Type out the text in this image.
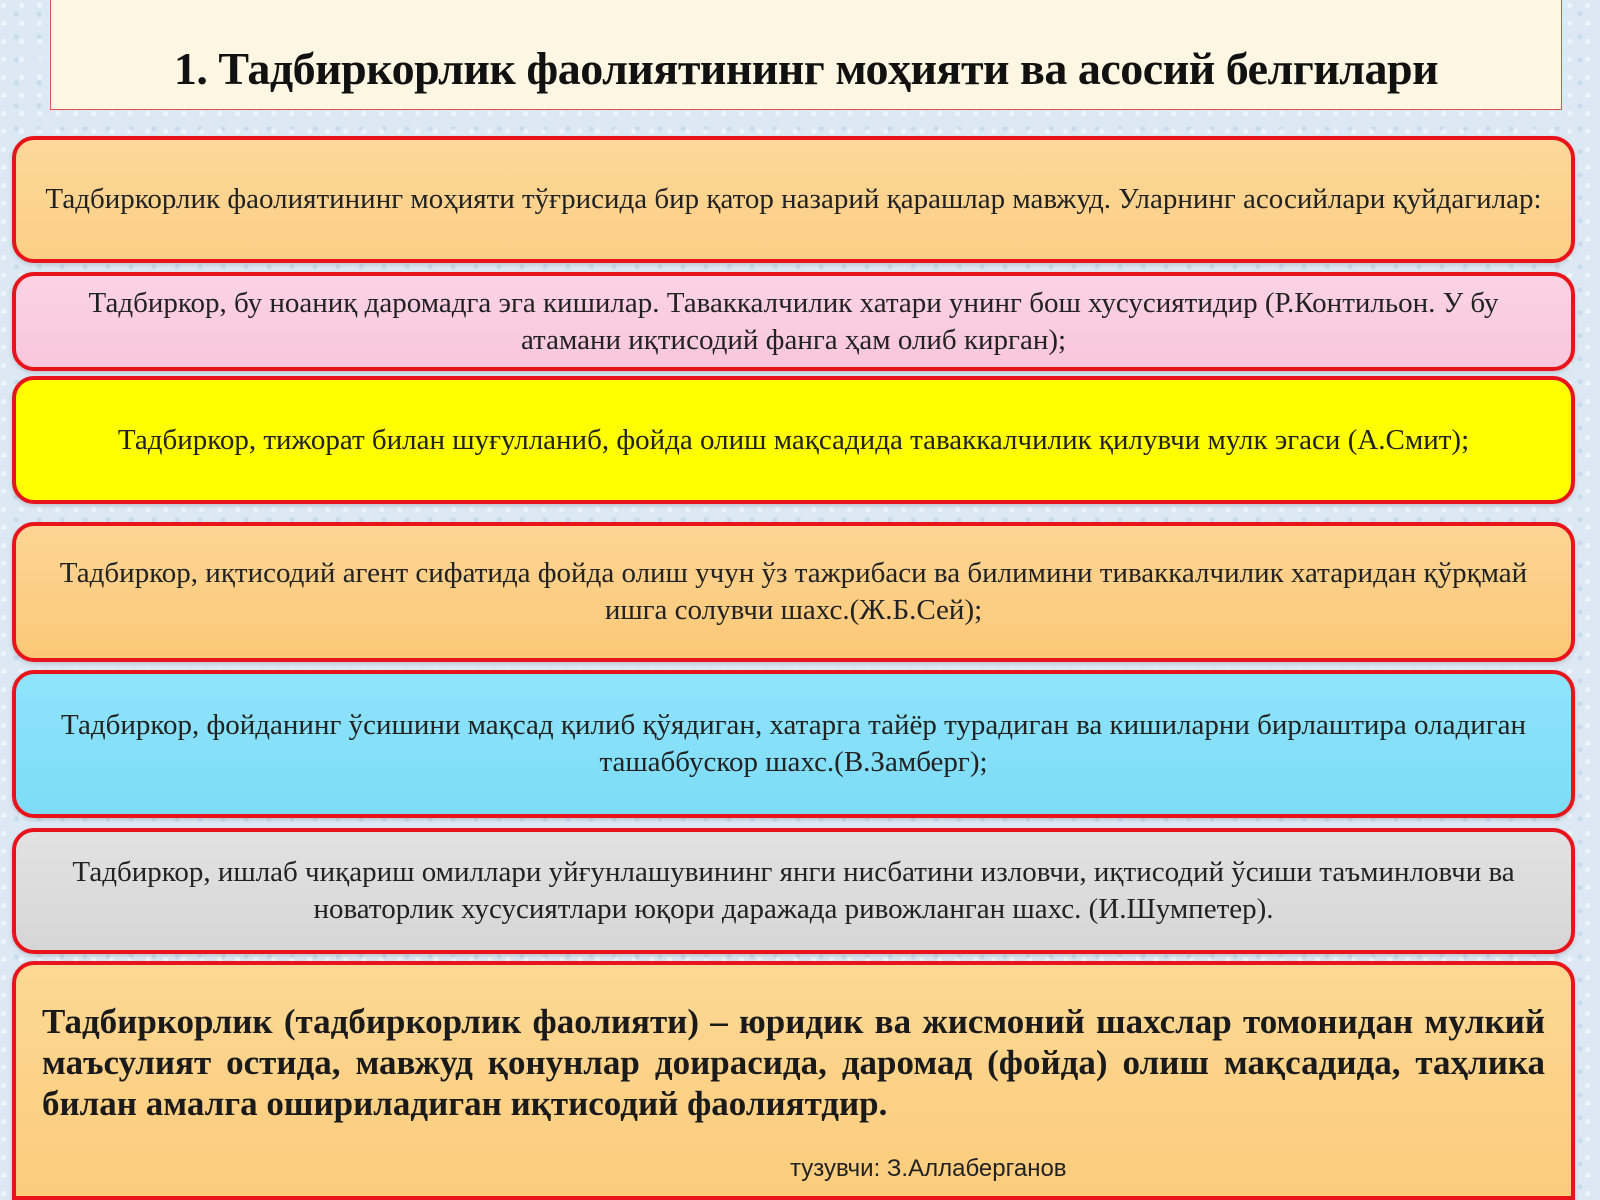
1. Тадбиркорлик фаолиятининг моҳияти ва асосий белгилари
Тадбиркорлик фаолиятининг моҳияти тўғрисида бир қатор назарий қарашлар мавжуд. Уларнинг асосийлари қуйдагилар:
Тадбиркор, бу ноаниқ даромадга эга кишилар. Таваккалчилик хатари унинг бош хусусиятидир (Р.Контильон. У бу атамани иқтисодий фанга ҳам олиб кирган);
Тадбиркор, тижорат билан шуғулланиб, фойда олиш мақсадида таваккалчилик қилувчи мулк эгаси (А.Смит);
Тадбиркор, иқтисодий агент сифатида фойда олиш учун ўз тажрибаси ва билимини тиваккалчилик хатаридан қўрқмай ишга солувчи шахс.(Ж.Б.Сей);
Тадбиркор, фойданинг ўсишини мақсад қилиб қўядиган, хатарга тайёр турадиган ва кишиларни бирлаштира оладиган ташаббускор шахс.(В.Замберг);
Тадбиркор, ишлаб чиқариш омиллари уйғунлашувининг янги нисбатини изловчи, иқтисодий ўсиши таъминловчи ва новаторлик хусусиятлари юқори даражада ривожланган шахс. (И.Шумпетер).

Тадбиркорлик (тадбиркорлик фаолияти) – юридик ва жисмоний шахслар томонидан мулкий маъсулият остида, мавжуд қонунлар доирасида, даромад (фойда) олиш мақсадида, таҳлика билан амалга ошириладиган иқтисодий фаолиятдир.

тузувчи: З.Аллаберганов
